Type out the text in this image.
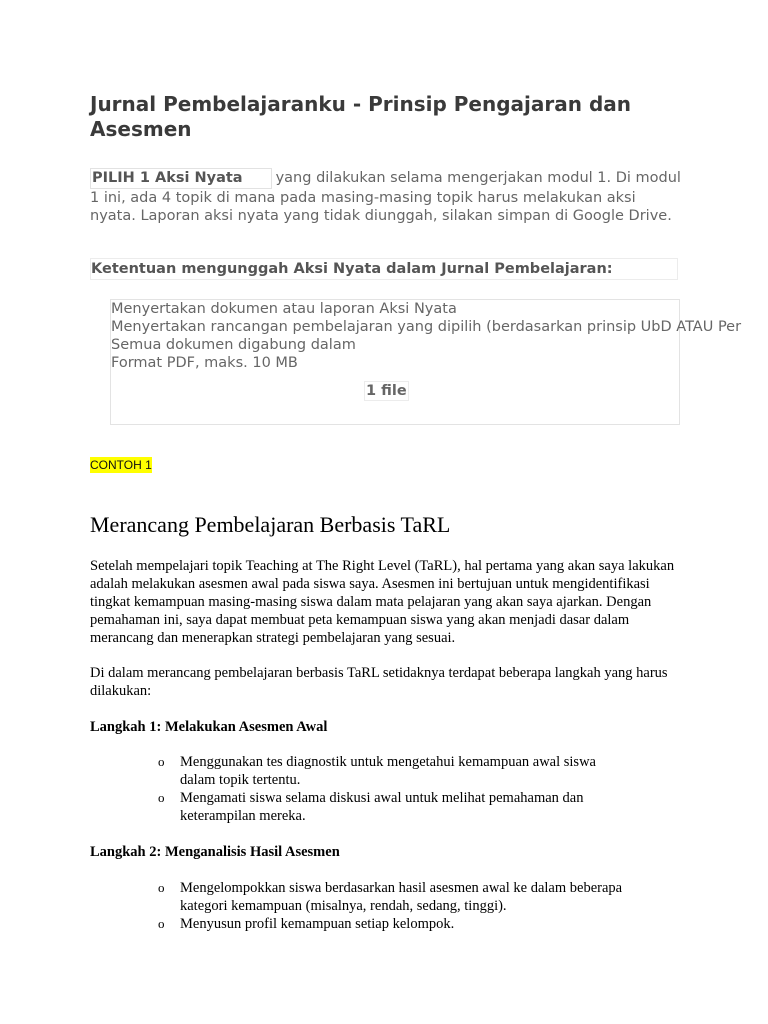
Jurnal Pembelajaranku - Prinsip Pengajaran dan Asesmen

PILIH 1 Aksi Nyata yang dilakukan selama mengerjakan modul 1. Di modul 1 ini, ada 4 topik di mana pada masing-masing topik harus melakukan aksi nyata. Laporan aksi nyata yang tidak diunggah, silakan simpan di Google Drive.

Ketentuan mengunggah Aksi Nyata dalam Jurnal Pembelajaran:
Menyertakan dokumen atau laporan Aksi Nyata
Menyertakan rancangan pembelajaran yang dipilih (berdasarkan prinsip UbD ATAU Per
Semua dokumen digabung dalam
Format PDF, maks. 10 MB
1 file
CONTOH 1
Merancang Pembelajaran Berbasis TaRL

Setelah mempelajari topik Teaching at The Right Level (TaRL), hal pertama yang akan saya lakukan adalah melakukan asesmen awal pada siswa saya. Asesmen ini bertujuan untuk mengidentifikasi tingkat kemampuan masing-masing siswa dalam mata pelajaran yang akan saya ajarkan. Dengan pemahaman ini, saya dapat membuat peta kemampuan siswa yang akan menjadi dasar dalam merancang dan menerapkan strategi pembelajaran yang sesuai.

Di dalam merancang pembelajaran berbasis TaRL setidaknya terdapat beberapa langkah yang harus dilakukan:

Langkah 1: Melakukan Asesmen Awal

o	Menggunakan tes diagnostik untuk mengetahui kemampuan awal siswa dalam topik tertentu.
o	Mengamati siswa selama diskusi awal untuk melihat pemahaman dan keterampilan mereka.

Langkah 2: Menganalisis Hasil Asesmen

o	Mengelompokkan siswa berdasarkan hasil asesmen awal ke dalam beberapa kategori kemampuan (misalnya, rendah, sedang, tinggi).
o	Menyusun profil kemampuan setiap kelompok.
